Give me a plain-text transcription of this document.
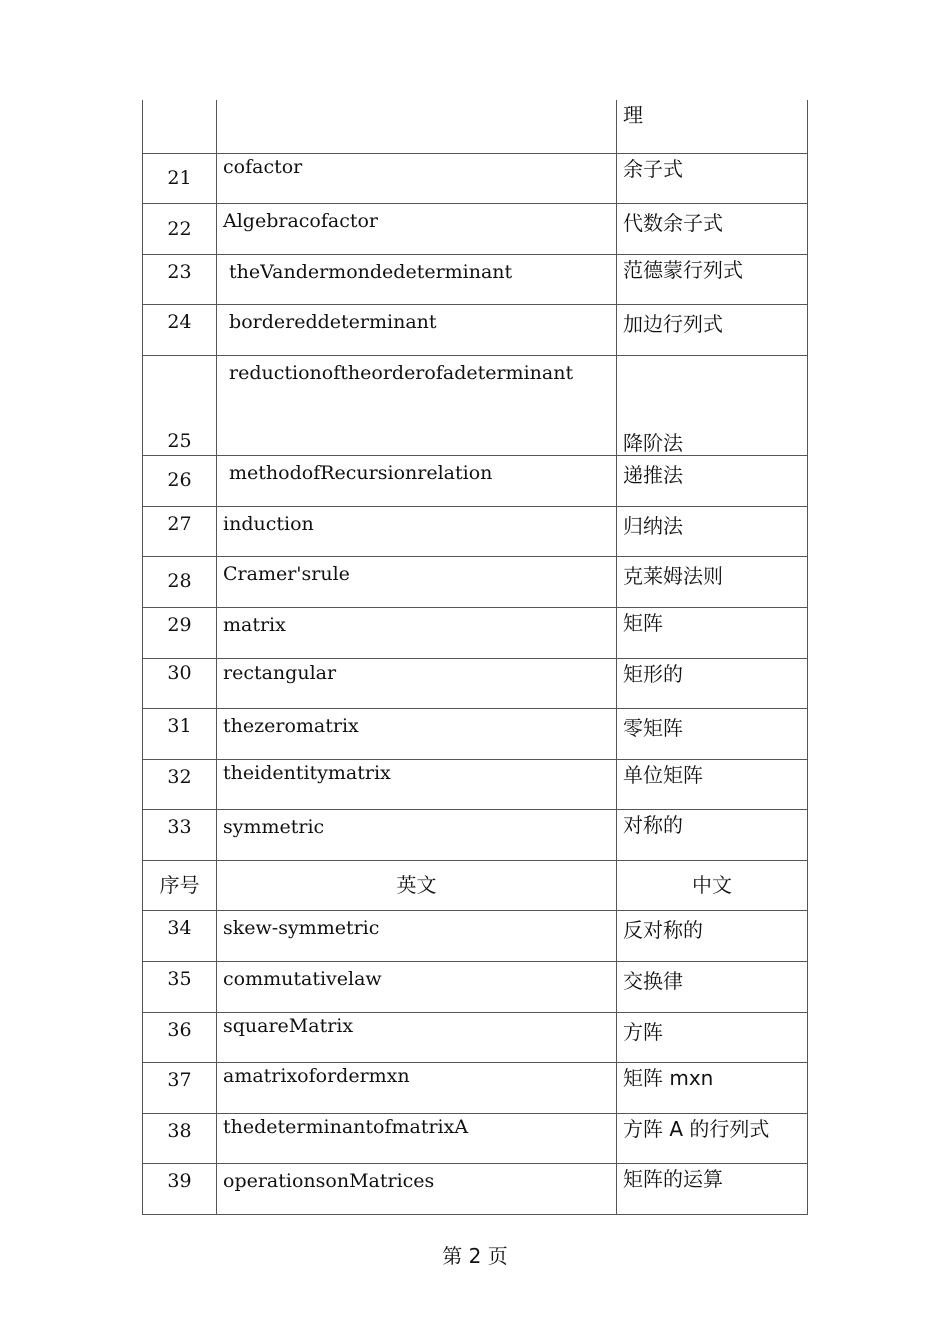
		理

21	cofactor	余子式

22	Algebracofactor	代数余子式

23	theVandermondedeterminant	范德蒙行列式

24	bordereddeterminant	加边行列式

25	reductionoftheorderofadeterminant	降阶法

26	methodofRecursionrelation	递推法

27	induction	归纳法

28	Cramer'srule	克莱姆法则

29	matrix	矩阵

30	rectangular	矩形的

31	thezeromatrix	零矩阵

32	theidentitymatrix	单位矩阵

33	symmetric	对称的

序号	英文	中文

34	skew-symmetric	反对称的

35	commutativelaw	交换律

36	squareMatrix	方阵

37	amatrixofordermxn	矩阵 mxn

38	thedeterminantofmatrixA	方阵 A 的行列式

39	operationsonMatrices	矩阵的运算
第 2 页
